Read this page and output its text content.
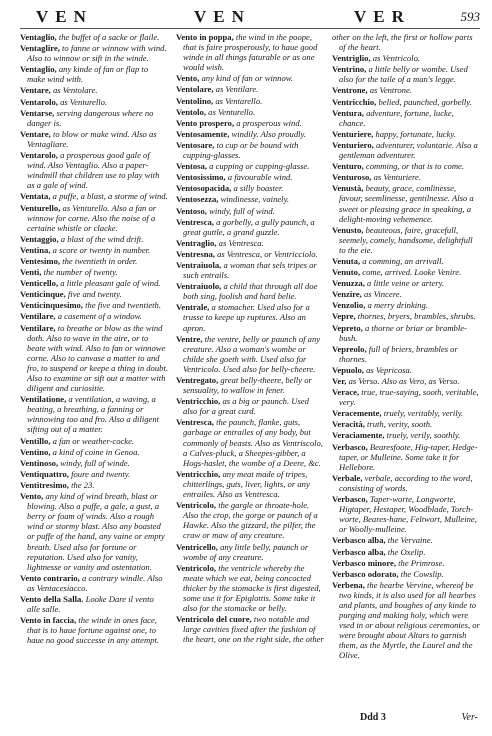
VEN	VEN	VER	593

Ventaglio, the buffet of a sacke or flaile.

Ventaglire, to fanne or winnow with wind. Also to winnow or sift in the winde.

Ventaglio, any kinde of fan or flap to make wind with.

Ventare, as Ventolare.

Ventarolo, as Venturello.

Ventarse, serving dangerous where no danger is.

Ventare, to blow or make wind. Also as Ventagliare.

Ventarolo, a prosperous good gale of wind. Also Ventaglio. Also a paper-windmill that children use to play with as a gale of wind.

Ventata, a puffe, a blast, a storme of wind.

Venturello, as Venturello. Also a fan or winnow for corne. Also the noise of a certaine whistle or clacke.

Ventaggio, a blast of the wind drift.

Ventina, a score or twenty in number.

Ventesimo, the twentieth in order.

Venti, the number of twenty.

Venticello, a little pleasant gale of wind.

Venticinque, five and twenty.

Venticinquesimo, the five and twentieth.

Ventilare, a casement of a window.

Ventilare, to breathe or blow as the wind doth. Also to wave in the aire, or to beate with wind. Also to fan or winnowe corne. Also to canvase a matter to and fro, to suspend or keepe a thing in doubt. Also to examine or sift out a matter with diligent and curiositie.

Ventilatione, a ventilation, a waving, a beating, a breathing, a fanning or winnowing too and fro. Also a diligent sifting out of a matter.

Ventillo, a fan or weather-cocke.

Ventino, a kind of coine in Genoa.

Ventinoso, windy, full of winde.

Ventiquattro, foure and twenty.

Ventitresimo, the 23.

Vento, any kind of wind breath, blast or blowing. Also a puffe, a gale, a gust, a berry or foam of winds. Also a rough wind or stormy blast. Also any boasted or puffe of the hand, any vaine or empty breath. Used also for fortune or reputation. Used also for vanity, lightnesse or vanity and ostentation.

Vento contrario, a contrary windle. Also as Ventacesiacco.

Vento della Salla. Looke Dare il vento alle salle.

Vento in faccia, the winde in ones face, that is to haue fortune against one, to haue no good successe in any attempt.

Vento in poppa, the wind in the poope, that is faire prosperously, to haue good winde in all things faturable or as one would wish.

Vento, any kind of fan or winnow.

Ventolare, as Ventilare.

Ventolino, as Ventarello.

Ventolo, as Venturello.

Vento prospero, a prosperous wind.

Ventosamente, windily. Also proudly.

Ventosare, to cup or be bound with cupping-glasses.

Ventosa, a cupping or cupping-glasse.

Ventosissimo, a favourable wind.

Ventosopacida, a silly boaster.

Ventosezza, windinesse, vainely.

Ventoso, windy, full of wind.

Ventresca, a gorbelly, a gully paunch, a great guttle, a grand guzzle.

Ventraglio, as Ventresca.

Ventresna, as Ventresca, or Ventricciolo.

Ventraiuola, a woman that sels tripes or such entrails.

Ventraiuolo, a child that through all doe both sing, foolish and hard belie.

Ventrale, a stomacher. Used also for a trusse to keepe up ruptures. Also an apron.

Ventre, the ventre, belly or paunch of any creature. Also a woman's wombe or childe she goeth with. Used also for Ventricolo. Used also for belly-cheere.

Ventregato, great belly-theere, belly or sensuality, to wallow in fener.

Ventricchio, as a big or paunch. Used also for a great curd.

Ventresca, the paunch, flanke, guts, garbage or entrailes of any body, but commonly of beasts. Also as Ventriscolo, a Calves-pluck, a Sheepes-gibber, a Hogs-haslet, the wombe of a Deere, &c.

Ventricchio, any meat made of tripes, chitterlings, guts, liver, lights, or any entrailes. Also as Ventresca.

Ventricolo, the gargle or throate-hole. Also the crop, the gorge or paunch of a Hawke. Also the gizzard, the pilfer, the craw or maw of any creature.

Ventricello, any little belly, paunch or wombe of any creature.

Ventricolo, the ventricle whereby the meate which we eat, being concocted thicker by the stomacke is first digested, some use it for Epiglottis. Some take it also for the stomacke or belly.

Ventricolo del cuore, two notable and large cavities fixed after the fashion of the heart, one on the right side, the other

other on the left, the first or hollow parts of the heart.

Ventriglio, as Ventricolo.

Ventrino, a little belly or wombe. Used also for the taile of a man's legge.

Ventrone, as Ventrone.

Ventricchio, belied, paunched, gorbelly.

Ventura, adventure, fortune, lucke, chance.

Venturiere, happy, fortunate, lucky.

Venturiero, adventurer, voluntarie. Also a gentleman adventurer.

Venturo, comming, or that is to come.

Venturoso, as Venturiere.

Venustà, beauty, grace, comlinesse, favour, seemlinesse, gentilnesse. Also a sweet or pleasing grace in speaking, a delight-moving vehemence.

Venusto, beauteous, faire, gracefull, seemely, comely, handsome, delightfull to the eie.

Venuta, a comming, an arrivall.

Venuto, come, arrived. Looke Venire.

Venuzza, a little veine or artery.

Venzire, as Vincere.

Venzolio, a merry drinking.

Vepre, thornes, bryers, brambles, shrubs.

Vepreto, a thorne or briar or bramble-bush.

Vepreolo, full of briers, brambles or thornes.

Vepuolo, as Vepricosa.

Ver, as Verso. Also as Vero, as Verso.

Verace, true, true-saying, sooth, veritable, very.

Veracemente, truely, veritably, verily.

Veracità, truth, verity, sooth.

Veraciamente, truely, verily, soothly.

Verbasco, Bearesfoote, Hig-taper, Hedge-taper, or Mulleine. Some take it for Hellebore.

Verbale, verbale, according to the word, consisting of words.

Verbasco, Taper-worte, Longworte, Higtaper, Hestaper, Woodblade, Torch-worte, Beares-hane, Feltwort, Mulleine, or Woolly-mulleine.

Verbasco alba, the Vervaine.

Verbasco alba, the Oxelip.

Verbasco minore, the Primrose.

Verbasco odorato, the Cowslip.

Verbena, the hearbe Vervine, whereof be two kinds, it is also used for all hearbes and plants, and boughes of any kinde to purging and making holy, which were vsed in or about religious ceremonies, or were brought about Altars to garnish them, as the Myrtle, the Laurel and the Olive.

Ddd 3	Ver-
